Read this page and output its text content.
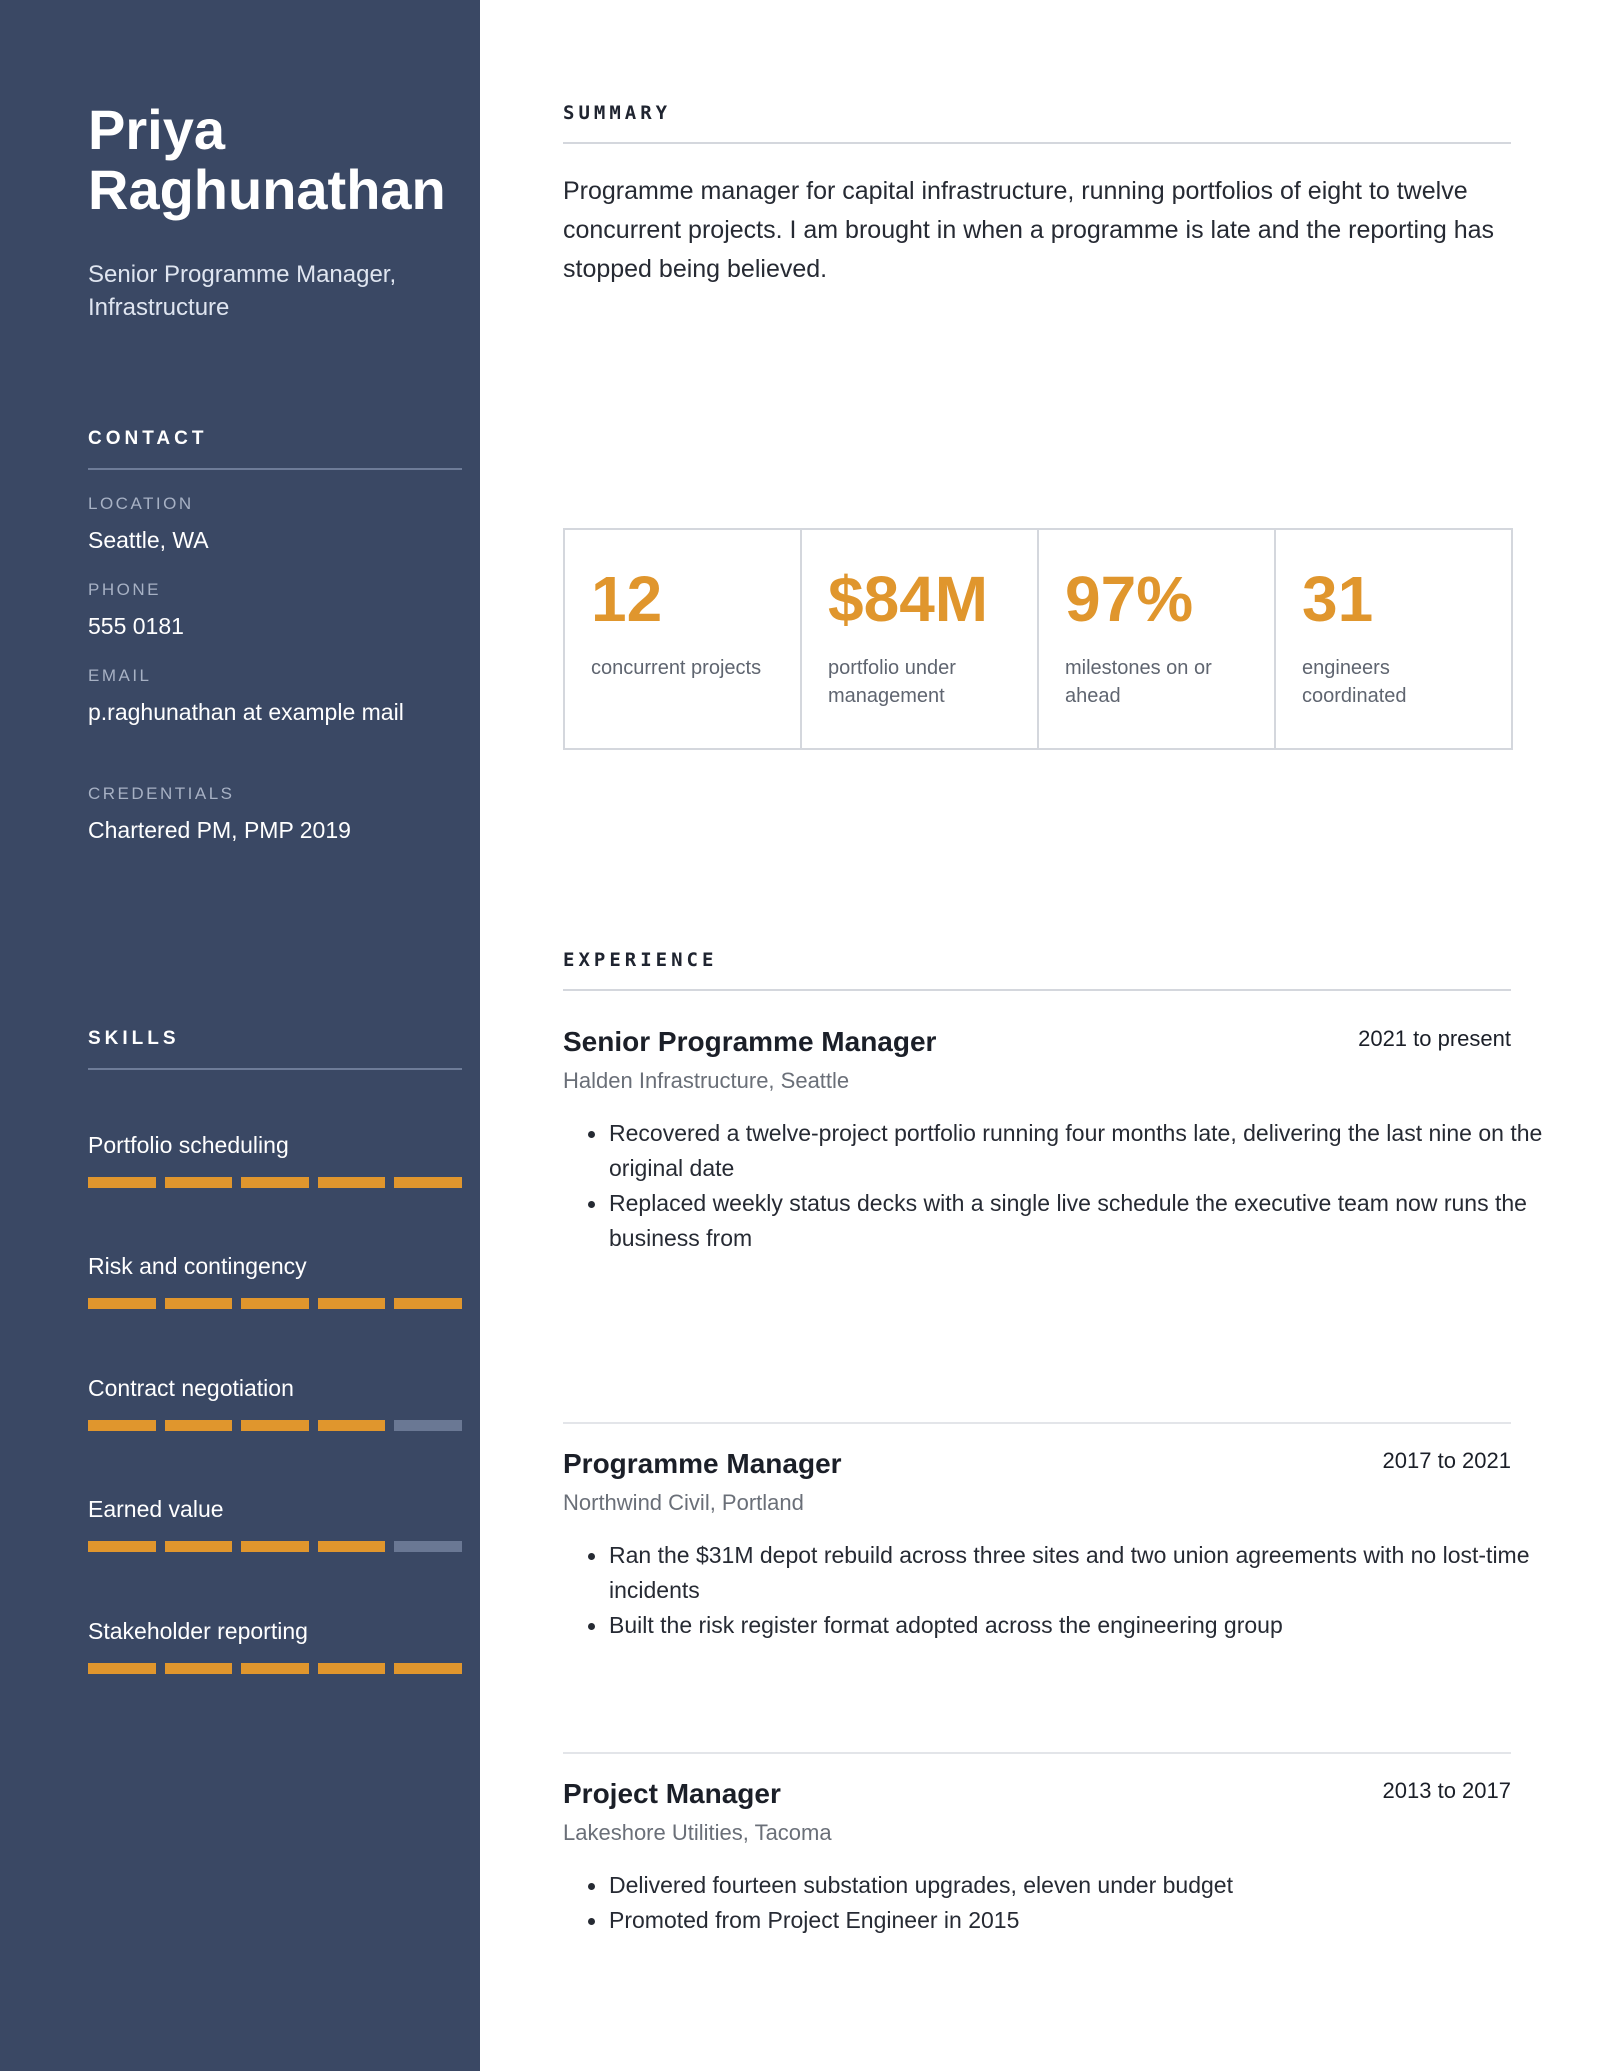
Priya
Raghunathan
Senior Programme Manager,
Infrastructure
CONTACT
LOCATION
Seattle, WA
PHONE
555 0181
EMAIL
p.raghunathan at example mail
CREDENTIALS
Chartered PM, PMP 2019
SKILLS
Portfolio scheduling
Risk and contingency
Contract negotiation
Earned value
Stakeholder reporting
SUMMARY

Programme manager for capital infrastructure, running portfolios of eight to twelve concurrent projects. I am brought in when a programme is late and the reporting has stopped being believed.

12
concurrent projects
$84M
portfolio under management
97%
milestones on or ahead
31
engineers coordinated
EXPERIENCE
Senior Programme Manager	2021 to present
Halden Infrastructure, Seattle
Recovered a twelve-project portfolio running four months late, delivering the last nine on the original date
Replaced weekly status decks with a single live schedule the executive team now runs the business from
Programme Manager	2017 to 2021
Northwind Civil, Portland
Ran the $31M depot rebuild across three sites and two union agreements with no lost-time incidents
Built the risk register format adopted across the engineering group
Project Manager	2013 to 2017
Lakeshore Utilities, Tacoma
Delivered fourteen substation upgrades, eleven under budget
Promoted from Project Engineer in 2015
